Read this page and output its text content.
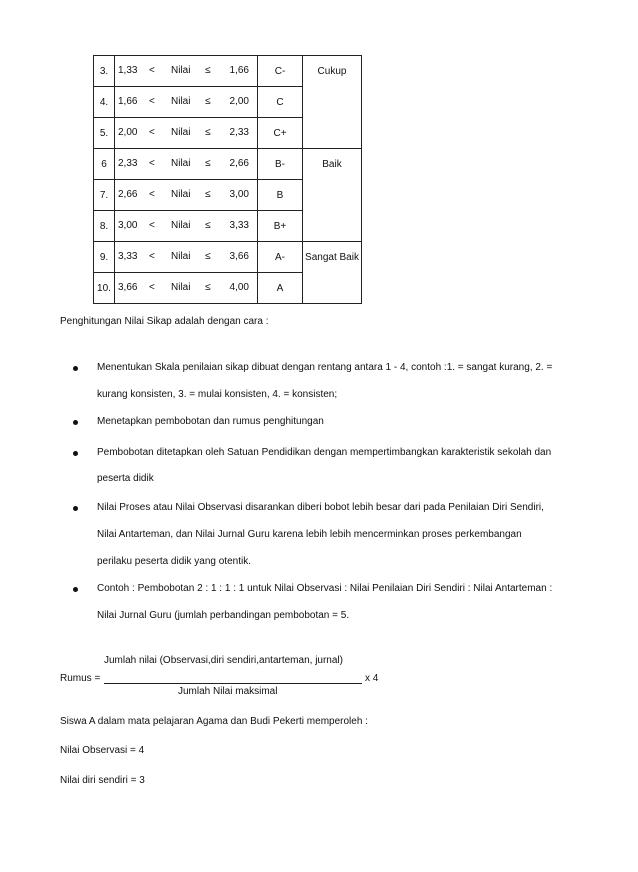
3.	1,33 < Nilai ≤ 1,66	C-	Cukup
4.	1,66 < Nilai ≤ 2,00	C	
5.	2,00 < Nilai ≤ 2,33	C+	
6	2,33 < Nilai ≤ 2,66	B-	Baik
7.	2,66 < Nilai ≤ 3,00	B	
8.	3,00 < Nilai ≤ 3,33	B+	
9.	3,33 < Nilai ≤ 3,66	A-	Sangat Baik
10.	3,66 < Nilai ≤ 4,00	A	
Penghitungan Nilai Sikap adalah dengan cara :
Menentukan Skala penilaian sikap dibuat dengan rentang antara 1 - 4, contoh :1. = sangat kurang, 2. =
kurang konsisten, 3. = mulai konsisten, 4. = konsisten;
Menetapkan pembobotan dan rumus penghitungan
Pembobotan ditetapkan oleh Satuan Pendidikan dengan mempertimbangkan karakteristik sekolah dan
peserta didik
Nilai Proses atau Nilai Observasi disarankan diberi bobot lebih besar dari pada Penilaian Diri Sendiri,
Nilai Antarteman, dan Nilai Jurnal Guru karena lebih lebih mencerminkan proses perkembangan
perilaku peserta didik yang otentik.
Contoh : Pembobotan 2 : 1 : 1 : 1 untuk Nilai Observasi : Nilai Penilaian Diri Sendiri : Nilai Antarteman :
Nilai Jurnal Guru (jumlah perbandingan pembobotan = 5.
Jumlah nilai (Observasi,diri sendiri,antarteman, jurnal)
Rumus =	x 4
Jumlah Nilai maksimal
Siswa A dalam mata pelajaran Agama dan Budi Pekerti memperoleh :
Nilai Observasi = 4
Nilai diri sendiri = 3
